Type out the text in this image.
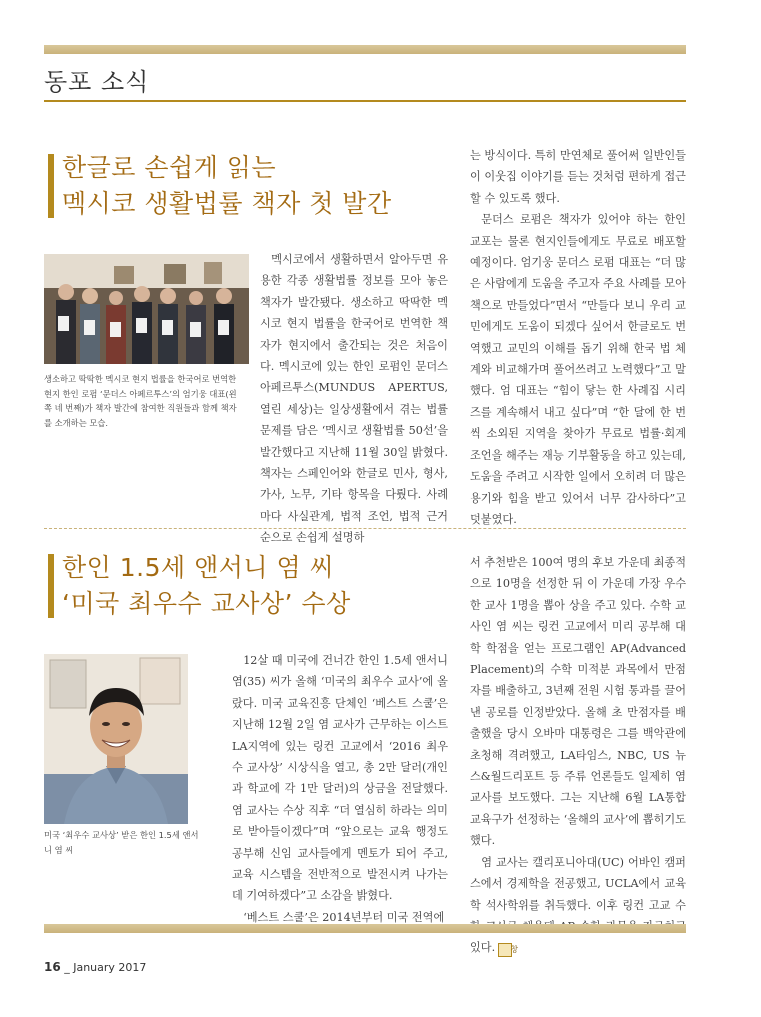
동포 소식
한글로 손쉽게 읽는
멕시코 생활법률 책자 첫 발간
생소하고 딱딱한 멕시코 현지 법률을 한국어로 번역한 현지 한인 로펌 ‘문더스 아페르투스’의 엄기웅 대표(왼쪽 네 번째)가 책자 발간에 참여한 직원들과 함께 책자를 소개하는 모습.

멕시코에서 생활하면서 알아두면 유용한 각종 생활법률 정보를 모아 놓은 책자가 발간됐다. 생소하고 딱딱한 멕시코 현지 법률을 한국어로 번역한 책자가 현지에서 출간되는 것은 처음이다. 멕시코에 있는 한인 로펌인 문더스 아페르투스(MUNDUS APERTUS, 열린 세상)는 일상생활에서 겪는 법률문제를 담은 ‘멕시코 생활법률 50선’을 발간했다고 지난해 11월 30일 밝혔다. 책자는 스페인어와 한글로 민사, 형사, 가사, 노무, 기타 항목을 다뤘다. 사례마다 사실관계, 법적 조언, 법적 근거 순으로 손쉽게 설명하

는 방식이다. 특히 만연체로 풀어써 일반인들이 이웃집 이야기를 듣는 것처럼 편하게 접근할 수 있도록 했다.

문더스 로펌은 책자가 있어야 하는 한인 교포는 물론 현지인들에게도 무료로 배포할 예정이다. 엄기웅 문더스 로펌 대표는 “더 많은 사람에게 도움을 주고자 주요 사례를 모아 책으로 만들었다”면서 “만들다 보니 우리 교민에게도 도움이 되겠다 싶어서 한글로도 번역했고 교민의 이해를 돕기 위해 한국 법 체계와 비교해가며 풀어쓰려고 노력했다”고 말했다. 엄 대표는 “힘이 닿는 한 사례집 시리즈를 계속해서 내고 싶다”며 “한 달에 한 번씩 소외된 지역을 찾아가 무료로 법률·회계 조언을 해주는 재능 기부활동을 하고 있는데, 도움을 주려고 시작한 일에서 오히려 더 많은 용기와 힘을 받고 있어서 너무 감사하다”고 덧붙였다.

한인 1.5세 앤서니 염 씨
‘미국 최우수 교사상’ 수상
미국 ‘최우수 교사상’ 받은 한인 1.5세 앤서니 염 씨

12살 때 미국에 건너간 한인 1.5세 앤서니 염(35) 씨가 올해 ‘미국의 최우수 교사’에 올랐다. 미국 교육진흥 단체인 ‘베스트 스쿨’은 지난해 12월 2일 염 교사가 근무하는 이스트 LA지역에 있는 링컨 고교에서 ‘2016 최우수 교사상’ 시상식을 열고, 총 2만 달러(개인과 학교에 각 1만 달러)의 상금을 전달했다. 염 교사는 수상 직후 “더 열심히 하라는 의미로 받아들이겠다”며 “앞으로는 교육 행정도 공부해 신임 교사들에게 멘토가 되어 주고, 교육 시스템을 전반적으로 발전시켜 나가는 데 기여하겠다”고 소감을 밝혔다.

‘베스트 스쿨’은 2014년부터 미국 전역에

서 추천받은 100여 명의 후보 가운데 최종적으로 10명을 선정한 뒤 이 가운데 가장 우수한 교사 1명을 뽑아 상을 주고 있다. 수학 교사인 염 씨는 링컨 고교에서 미리 공부해 대학 학점을 얻는 프로그램인 AP(Advanced Placement)의 수학 미적분 과목에서 만점자를 배출하고, 3년째 전원 시험 통과를 끌어낸 공로를 인정받았다. 올해 초 만점자를 배출했을 당시 오바마 대통령은 그를 백악관에 초청해 격려했고, LA타임스, NBC, US 뉴스&월드리포트 등 주류 언론들도 일제히 염 교사를 보도했다. 그는 지난해 6월 LA통합교육구가 선정하는 ‘올해의 교사’에 뽑히기도 했다.

염 교사는 캘리포니아대(UC) 어바인 캠퍼스에서 경제학을 전공했고, UCLA에서 교육학 석사학위를 취득했다. 이후 링컨 고교 수 있다. 창

16 _ January 2017
